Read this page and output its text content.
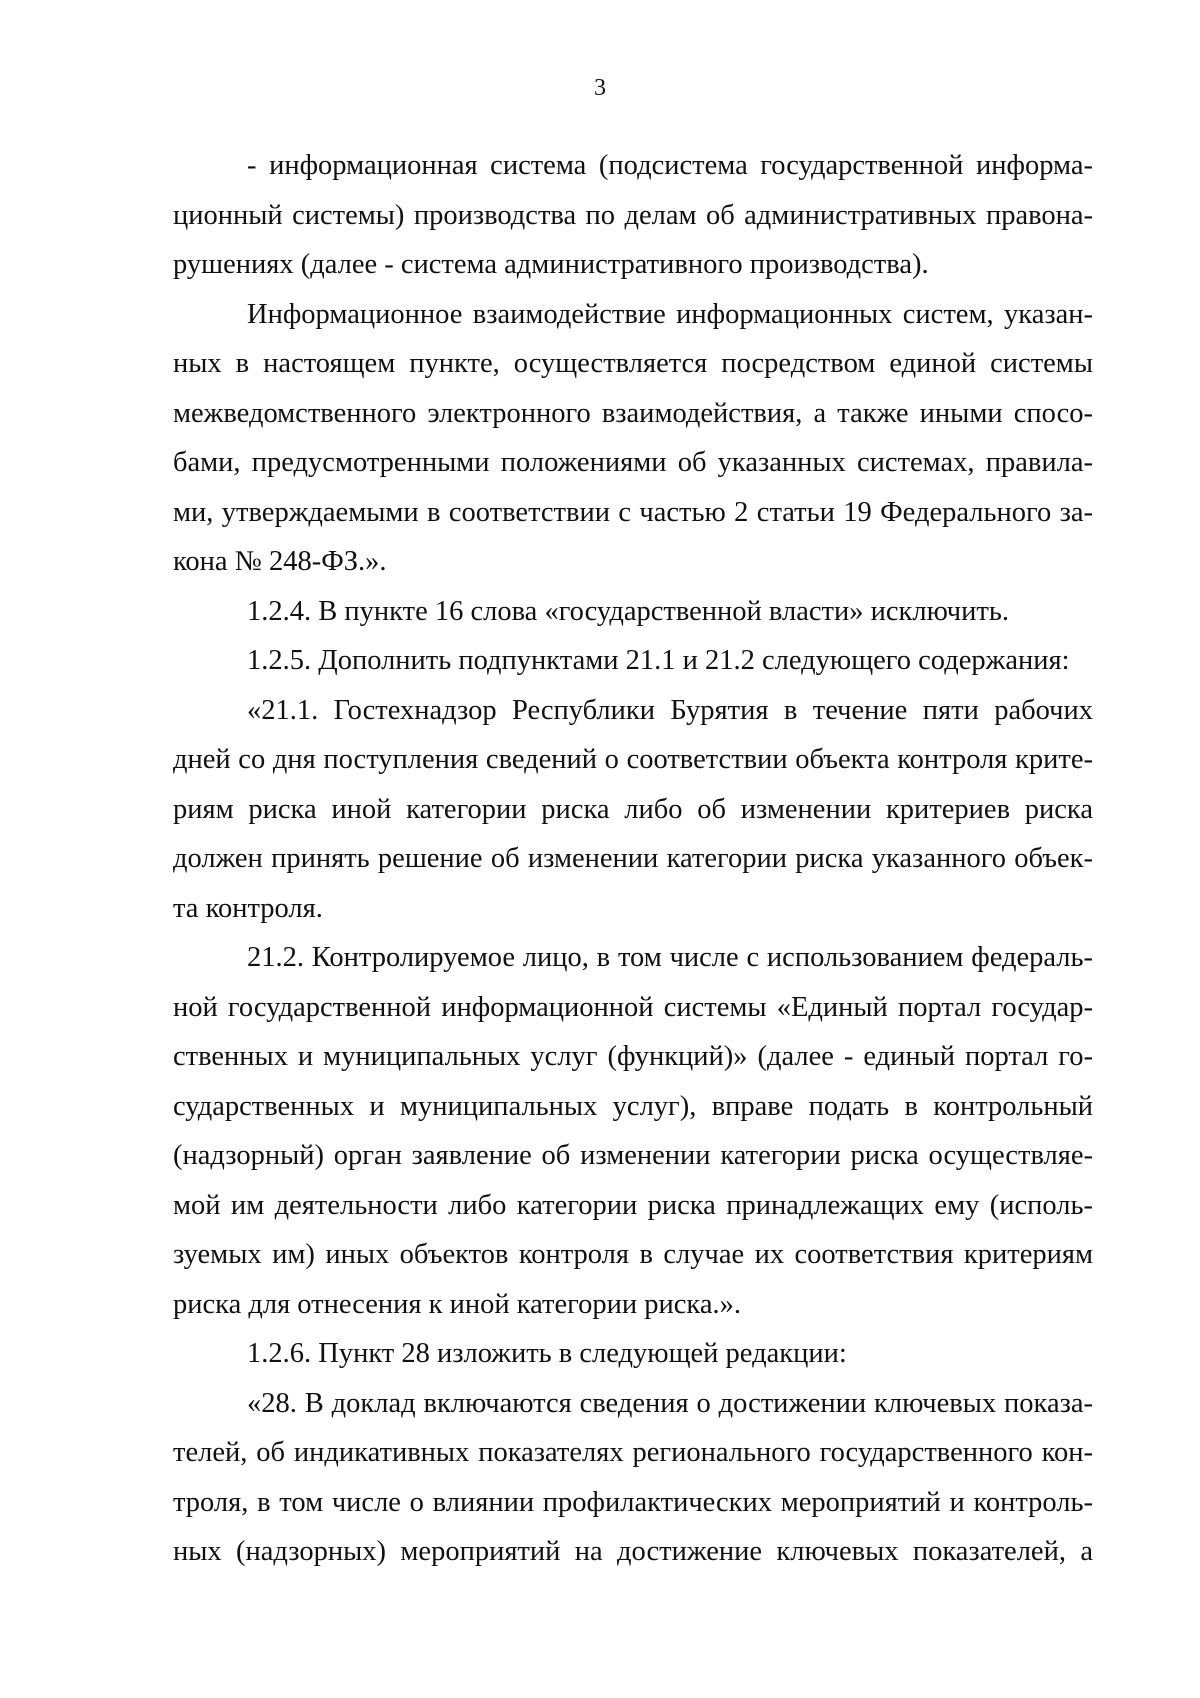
3
- информационная система (подсистема государственной информа-
ционный системы) производства по делам об административных правона-
рушениях (далее - система административного производства).
Информационное взаимодействие информационных систем, указан-
ных в настоящем пункте, осуществляется посредством единой системы
межведомственного электронного взаимодействия, а также иными спосо-
бами, предусмотренными положениями об указанных системах, правила-
ми, утверждаемыми в соответствии с частью 2 статьи 19 Федерального за-
кона № 248-ФЗ.».
1.2.4. В пункте 16 слова «государственной власти» исключить.
1.2.5. Дополнить подпунктами 21.1 и 21.2 следующего содержания:
«21.1. Гостехнадзор Республики Бурятия в течение пяти рабочих
дней со дня поступления сведений о соответствии объекта контроля крите-
риям риска иной категории риска либо об изменении критериев риска
должен принять решение об изменении категории риска указанного объек-
та контроля.
21.2. Контролируемое лицо, в том числе с использованием федераль-
ной государственной информационной системы «Единый портал государ-
ственных и муниципальных услуг (функций)» (далее - единый портал го-
сударственных и муниципальных услуг), вправе подать в контрольный
(надзорный) орган заявление об изменении категории риска осуществляе-
мой им деятельности либо категории риска принадлежащих ему (исполь-
зуемых им) иных объектов контроля в случае их соответствия критериям
риска для отнесения к иной категории риска.».
1.2.6. Пункт 28 изложить в следующей редакции:
«28. В доклад включаются сведения о достижении ключевых показа-
телей, об индикативных показателях регионального государственного кон-
троля, в том числе о влиянии профилактических мероприятий и контроль-
ных (надзорных) мероприятий на достижение ключевых показателей, а
